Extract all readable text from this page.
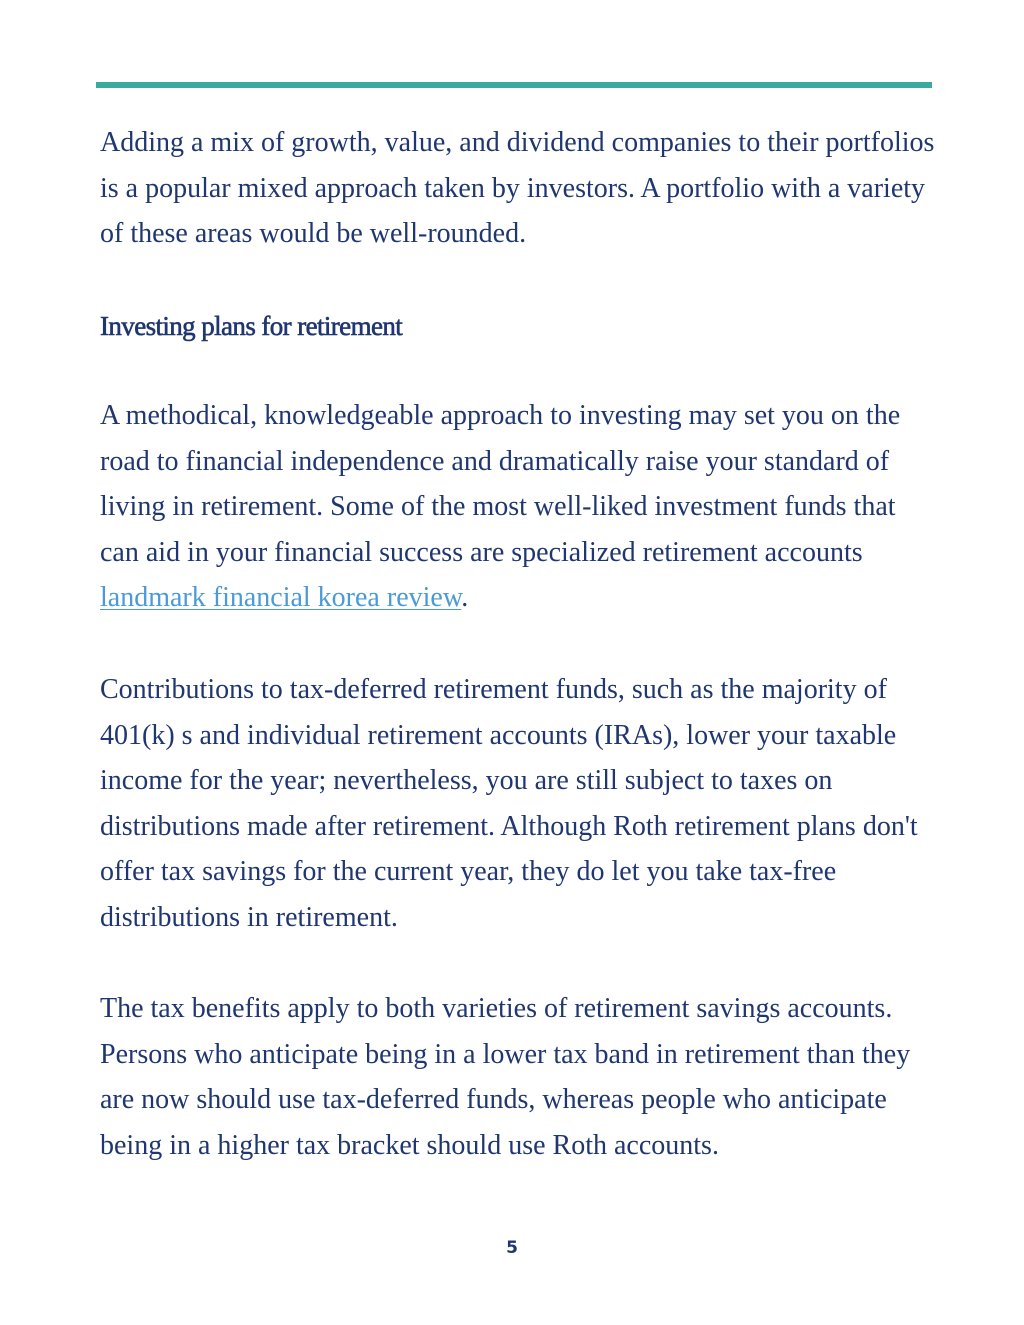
Adding a mix of growth, value, and dividend companies to their portfolios is a popular mixed approach taken by investors. A portfolio with a variety of these areas would be well-rounded.

Investing plans for retirement

A methodical, knowledgeable approach to investing may set you on the road to financial independence and dramatically raise your standard of living in retirement. Some of the most well-liked investment funds that can aid in your financial success are specialized retirement accounts landmark financial korea review.

Contributions to tax-deferred retirement funds, such as the majority of 401(k) s and individual retirement accounts (IRAs), lower your taxable income for the year; nevertheless, you are still subject to taxes on distributions made after retirement. Although Roth retirement plans don't offer tax savings for the current year, they do let you take tax-free distributions in retirement.

The tax benefits apply to both varieties of retirement savings accounts. Persons who anticipate being in a lower tax band in retirement than they are now should use tax-deferred funds, whereas people who anticipate being in a higher tax bracket should use Roth accounts.

5
